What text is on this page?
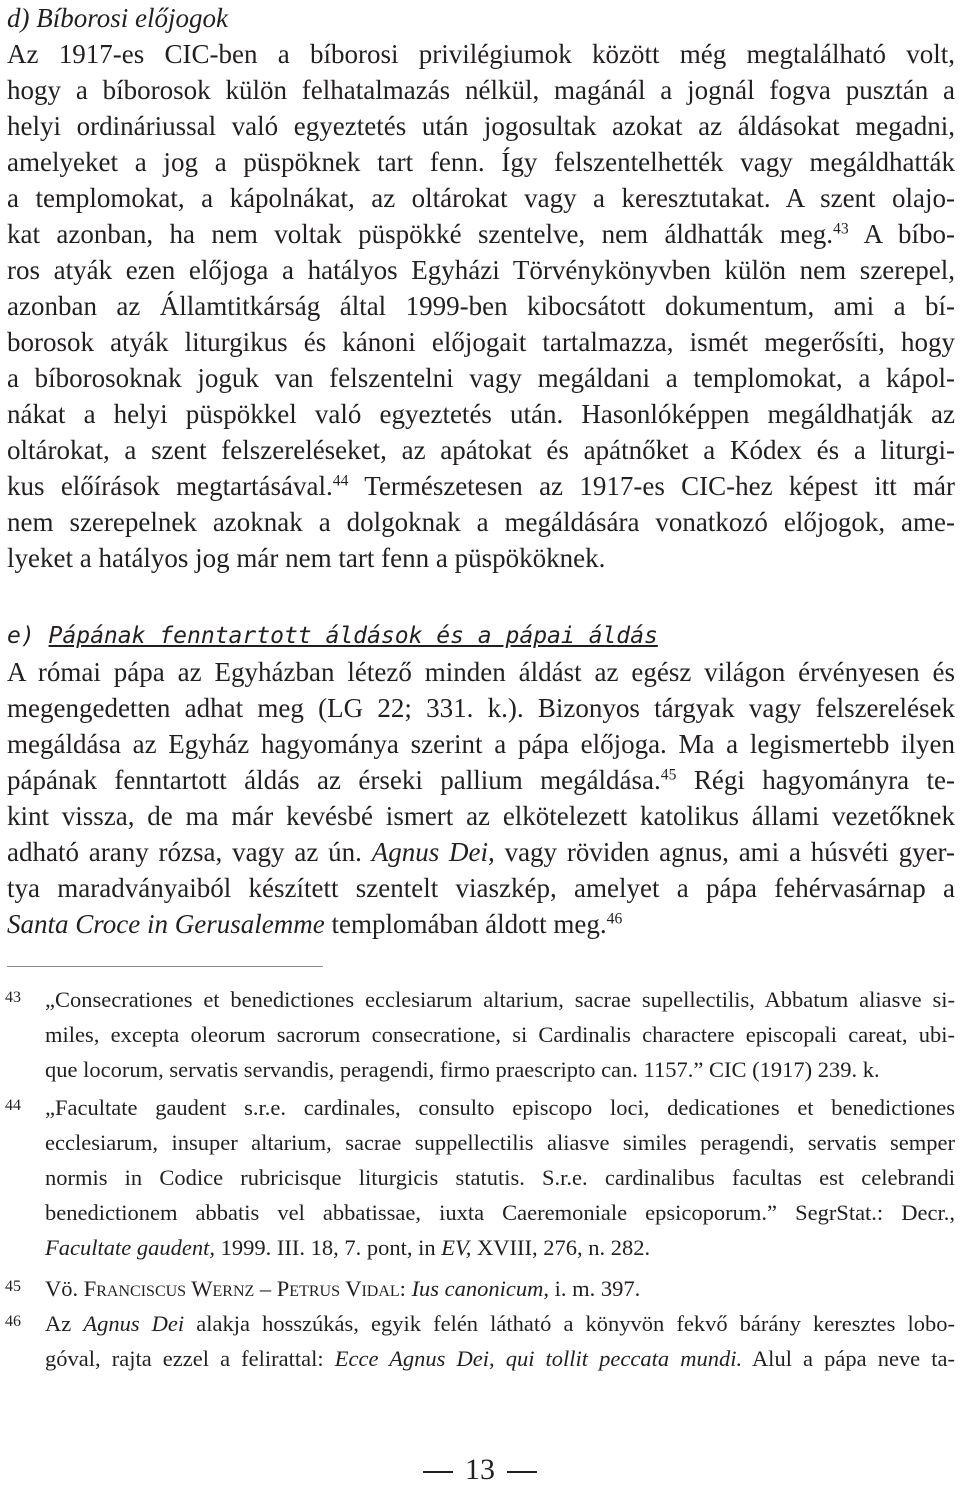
d) Bíborosi előjogok
Az 1917-es CIC-ben a bíborosi privilégiumok között még megtalálható volt,
hogy a bíborosok külön felhatalmazás nélkül, magánál a jognál fogva pusztán a
helyi ordináriussal való egyeztetés után jogosultak azokat az áldásokat megadni,
amelyeket a jog a püspöknek tart fenn. Így felszentelhették vagy megáldhatták
a templomokat, a kápolnákat, az oltárokat vagy a keresztutakat. A szent olajo-
kat azonban, ha nem voltak püspökké szentelve, nem áldhatták meg.$^{43}$ A bíbo-
ros atyák ezen előjoga a hatályos Egyházi Törvénykönyvben külön nem szerepel,
azonban az Államtitkárság által 1999-ben kibocsátott dokumentum, ami a bí-
borosok atyák liturgikus és kánoni előjogait tartalmazza, ismét megerősíti, hogy
a bíborosoknak joguk van felszentelni vagy megáldani a templomokat, a kápol-
nákat a helyi püspökkel való egyeztetés után. Hasonlóképpen megáldhatják az
oltárokat, a szent felszereléseket, az apátokat és apátnőket a Kódex és a liturgi-
kus előírások megtartásával.$^{44}$ Természetesen az 1917-es CIC-hez képest itt már
nem szerepelnek azoknak a dolgoknak a megáldására vonatkozó előjogok, ame-
lyeket a hatályos jog már nem tart fenn a püspököknek.
e) Pápának fenntartott áldások és a pápai áldás
A római pápa az Egyházban létező minden áldást az egész világon érvényesen és
megengedetten adhat meg (LG 22; 331. k.). Bizonyos tárgyak vagy felszerelések
megáldása az Egyház hagyománya szerint a pápa előjoga. Ma a legismertebb ilyen
pápának fenntartott áldás az érseki pallium megáldása.$^{45}$ Régi hagyományra te-
kint vissza, de ma már kevésbé ismert az elkötelezett katolikus állami vezetőknek
adható arany rózsa, vagy az ún. Agnus Dei, vagy röviden agnus, ami a húsvéti gyer-
tya maradványaiból készített szentelt viaszkép, amelyet a pápa fehérvasárnap a
Santa Croce in Gerusalemme templomában áldott meg.$^{46}$
43 „Consecrationes et benedictiones ecclesiarum altarium, sacrae supellectilis, Abbatum aliasve si-
miles, excepta oleorum sacrorum consecratione, si Cardinalis charactere episcopali careat, ubi-
que locorum, servatis servandis, peragendi, firmo praescripto can. 1157.” CIC (1917) 239. k.
44 „Facultate gaudent s.r.e. cardinales, consulto episcopo loci, dedicationes et benedictiones
ecclesiarum, insuper altarium, sacrae suppellectilis aliasve similes peragendi, servatis semper
normis in Codice rubricisque liturgicis statutis. S.r.e. cardinalibus facultas est celebrandi
benedictionem abbatis vel abbatissae, iuxta Caeremoniale epsicoporum.” SegrStat.: Decr.,
Facultate gaudent, 1999. III. 18, 7. pont, in EV, XVIII, 276, n. 282.
45 Vö. Franciscus Wernz – Petrus Vidal: Ius canonicum, i. m. 397.
46 Az Agnus Dei alakja hosszúkás, egyik felén látható a könyvön fekvő bárány keresztes lobo-
góval, rajta ezzel a felirattal: Ecce Agnus Dei, qui tollit peccata mundi. Alul a pápa neve ta-
13
